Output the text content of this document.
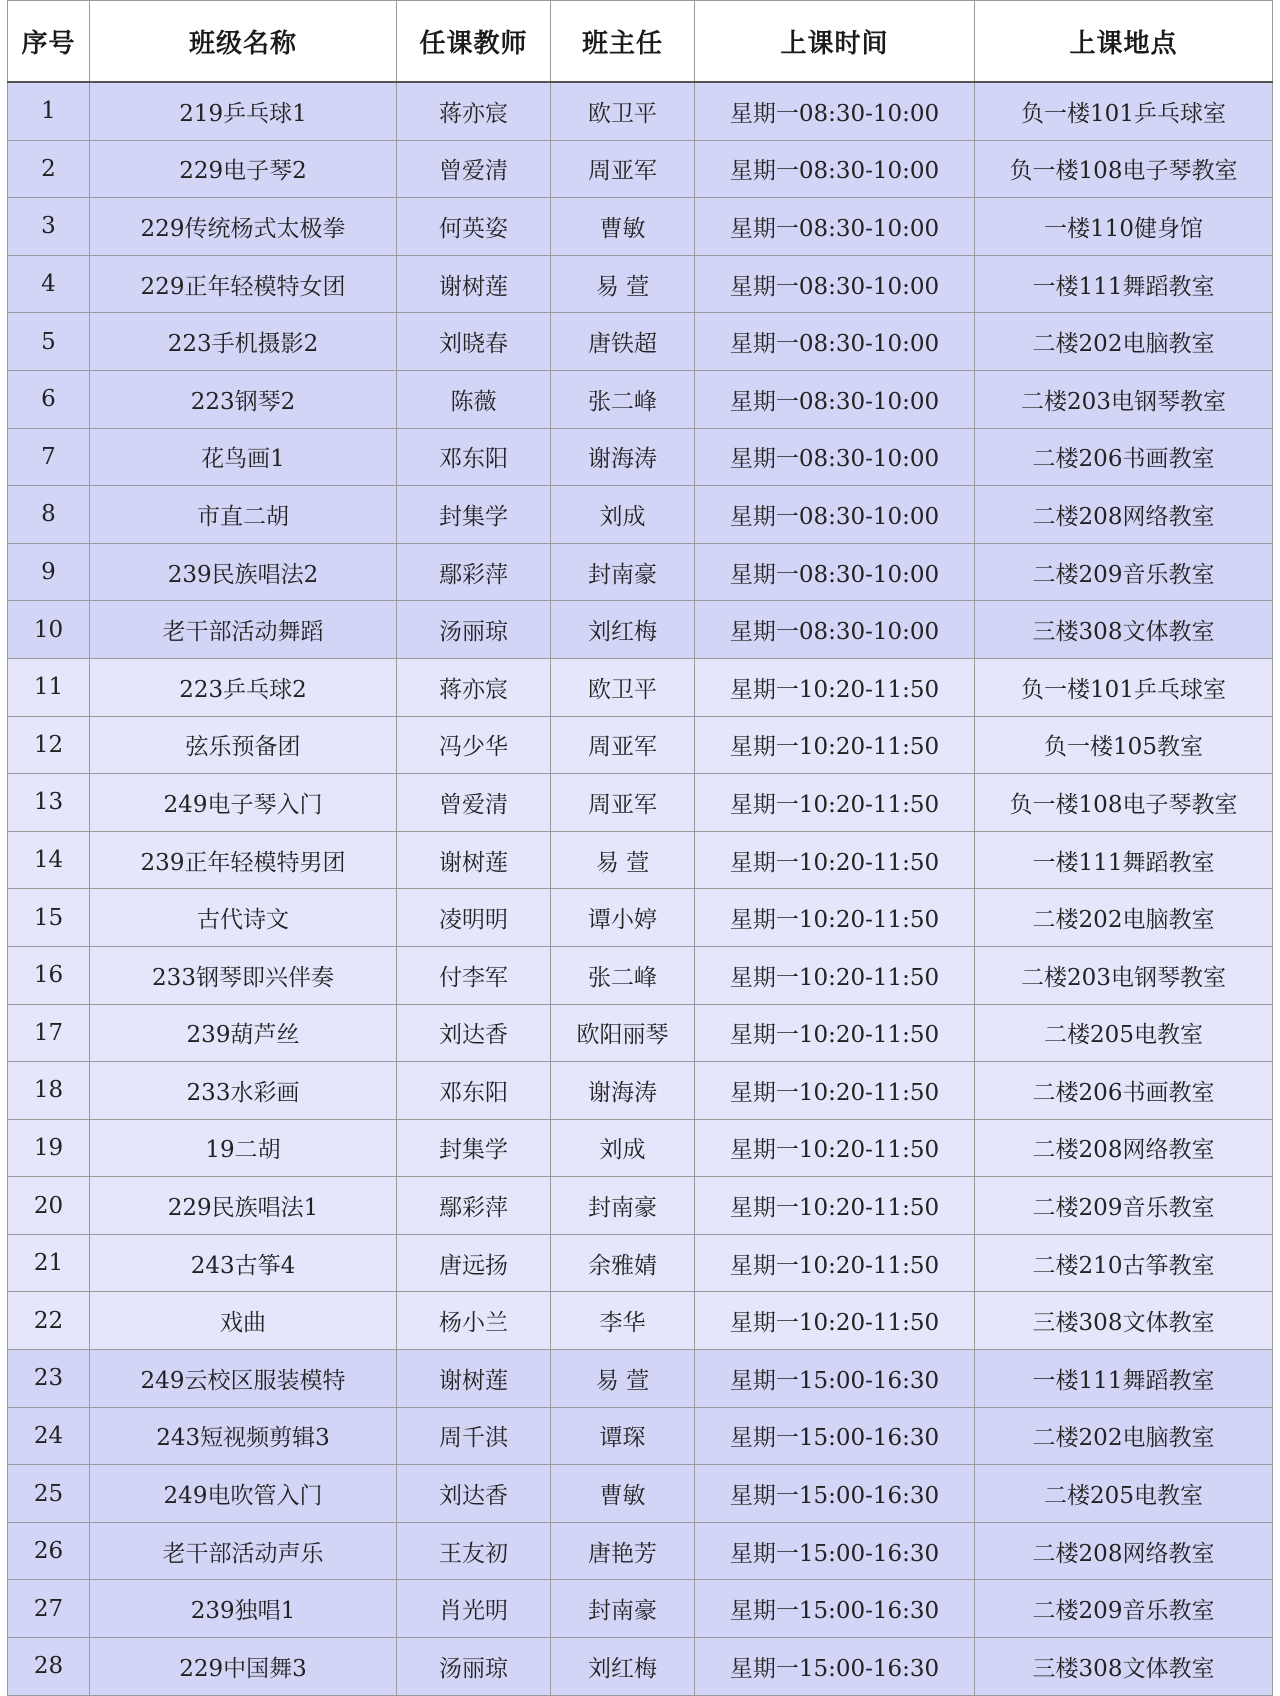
序号	班级名称	任课教师	班主任	上课时间	上课地点
1	219乒乓球1	蒋亦宸	欧卫平	星期一08:30-10:00	负一楼101乒乓球室
2	229电子琴2	曾爱清	周亚军	星期一08:30-10:00	负一楼108电子琴教室
3	229传统杨式太极拳	何英姿	曹敏	星期一08:30-10:00	一楼110健身馆
4	229正年轻模特女团	谢树莲	易 萱	星期一08:30-10:00	一楼111舞蹈教室
5	223手机摄影2	刘晓春	唐铁超	星期一08:30-10:00	二楼202电脑教室
6	223钢琴2	陈薇	张二峰	星期一08:30-10:00	二楼203电钢琴教室
7	花鸟画1	邓东阳	谢海涛	星期一08:30-10:00	二楼206书画教室
8	市直二胡	封集学	刘成	星期一08:30-10:00	二楼208网络教室
9	239民族唱法2	鄢彩萍	封南豪	星期一08:30-10:00	二楼209音乐教室
10	老干部活动舞蹈	汤丽琼	刘红梅	星期一08:30-10:00	三楼308文体教室
11	223乒乓球2	蒋亦宸	欧卫平	星期一10:20-11:50	负一楼101乒乓球室
12	弦乐预备团	冯少华	周亚军	星期一10:20-11:50	负一楼105教室
13	249电子琴入门	曾爱清	周亚军	星期一10:20-11:50	负一楼108电子琴教室
14	239正年轻模特男团	谢树莲	易 萱	星期一10:20-11:50	一楼111舞蹈教室
15	古代诗文	凌明明	谭小婷	星期一10:20-11:50	二楼202电脑教室
16	233钢琴即兴伴奏	付李军	张二峰	星期一10:20-11:50	二楼203电钢琴教室
17	239葫芦丝	刘达香	欧阳丽琴	星期一10:20-11:50	二楼205电教室
18	233水彩画	邓东阳	谢海涛	星期一10:20-11:50	二楼206书画教室
19	19二胡	封集学	刘成	星期一10:20-11:50	二楼208网络教室
20	229民族唱法1	鄢彩萍	封南豪	星期一10:20-11:50	二楼209音乐教室
21	243古筝4	唐远扬	余雅婧	星期一10:20-11:50	二楼210古筝教室
22	戏曲	杨小兰	李华	星期一10:20-11:50	三楼308文体教室
23	249云校区服装模特	谢树莲	易 萱	星期一15:00-16:30	一楼111舞蹈教室
24	243短视频剪辑3	周千淇	谭琛	星期一15:00-16:30	二楼202电脑教室
25	249电吹管入门	刘达香	曹敏	星期一15:00-16:30	二楼205电教室
26	老干部活动声乐	王友初	唐艳芳	星期一15:00-16:30	二楼208网络教室
27	239独唱1	肖光明	封南豪	星期一15:00-16:30	二楼209音乐教室
28	229中国舞3	汤丽琼	刘红梅	星期一15:00-16:30	三楼308文体教室
